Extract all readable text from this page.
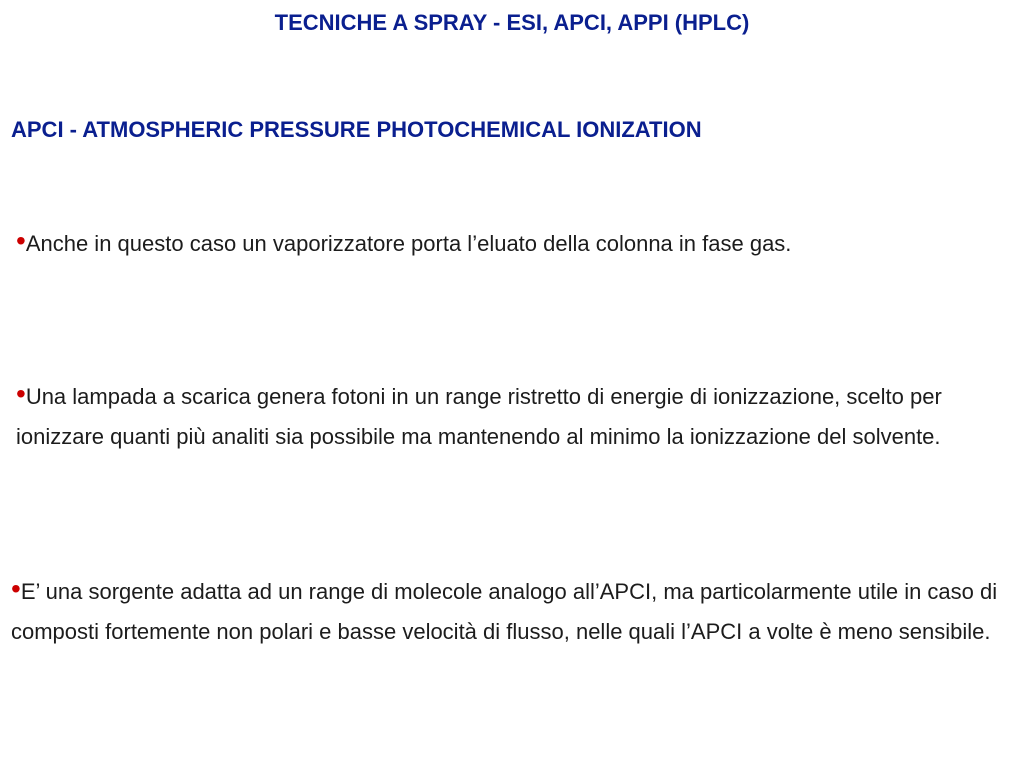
TECNICHE A SPRAY - ESI, APCI, APPI (HPLC)
APCI - ATMOSPHERIC PRESSURE PHOTOCHEMICAL IONIZATION
•Anche in questo caso un vaporizzatore porta l’eluato della colonna in fase gas.
•Una lampada a scarica genera fotoni in un range ristretto di energie di ionizzazione, scelto per ionizzare quanti più analiti sia possibile ma mantenendo al minimo la ionizzazione del solvente.
•E’ una sorgente adatta ad un range di molecole analogo all’APCI, ma particolarmente utile in caso di composti fortemente non polari e basse velocità di flusso, nelle quali l’APCI a volte è meno sensibile.
